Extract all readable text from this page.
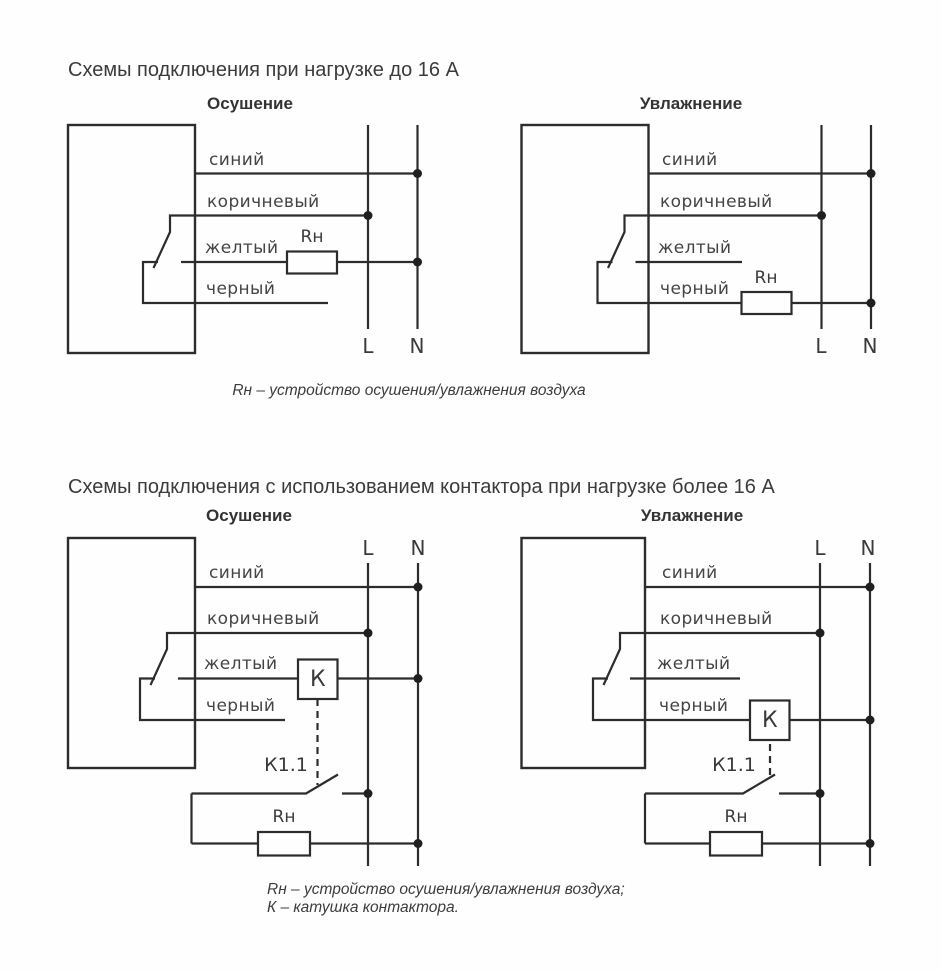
Схемы подключения при нагрузке до 16 А
Осушение	Увлажнение
синий
коричневый
желтый
черный
Rн
L N
синий
коричневый
желтый
черный
Rн
L N
Rн – устройство осушения/увлажнения воздуха
Схемы подключения с использованием контактора при нагрузке более 16 А
Осушение	Увлажнение
L N
синий
коричневый
желтый
черный
К
К1.1
Rн
L N
синий
коричневый
желтый
черный
К
К1.1
Rн
Rн – устройство осушения/увлажнения воздуха;
К – катушка контактора.
